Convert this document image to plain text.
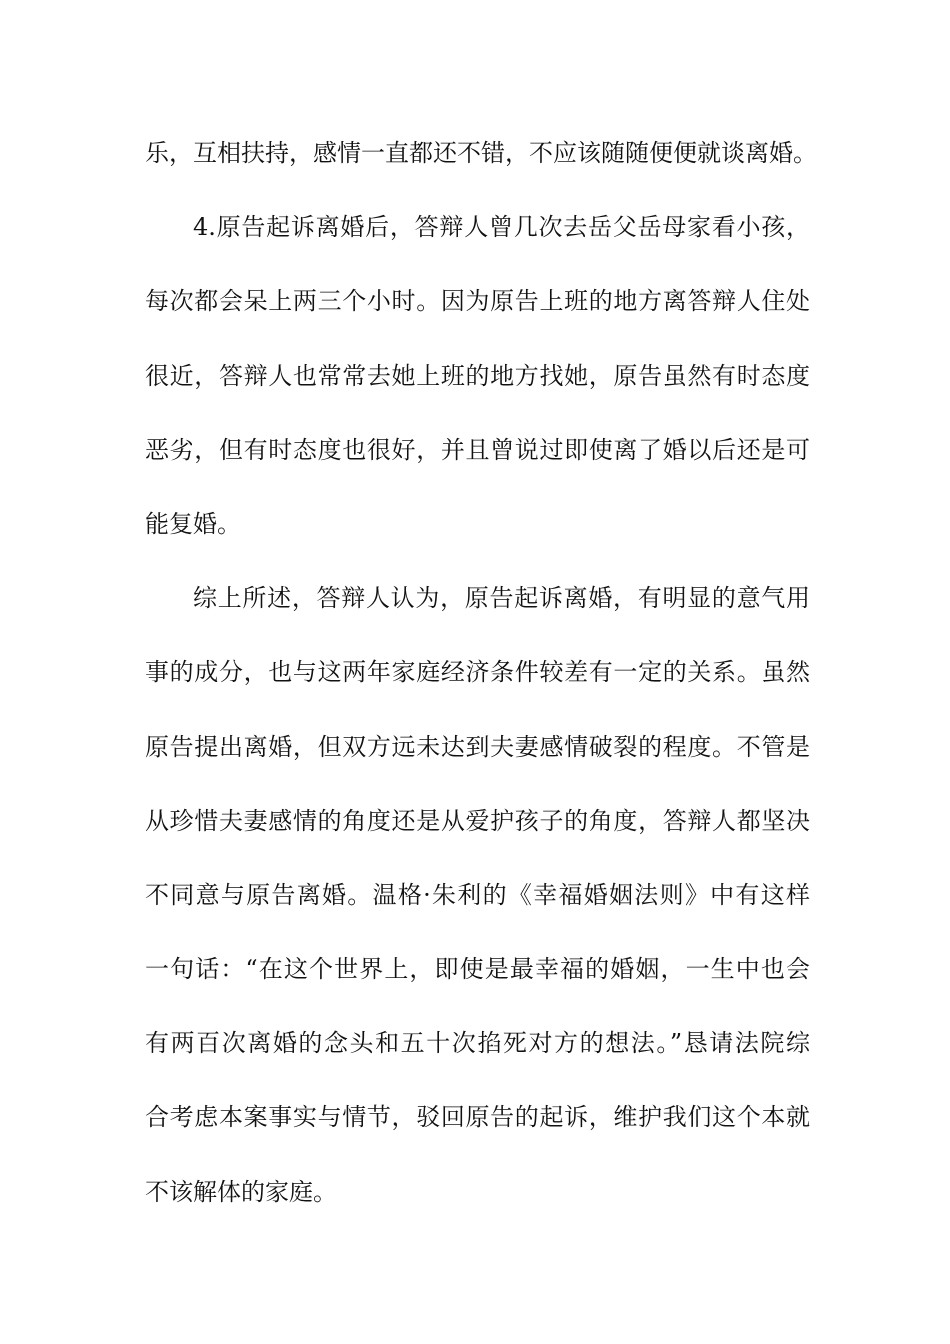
乐，互相扶持，感情一直都还不错，不应该随随便便就谈离婚。
4.原告起诉离婚后，答辩人曾几次去岳父岳母家看小孩，
每次都会呆上两三个小时。因为原告上班的地方离答辩人住处
很近，答辩人也常常去她上班的地方找她，原告虽然有时态度
恶劣，但有时态度也很好，并且曾说过即使离了婚以后还是可
能复婚。
综上所述，答辩人认为，原告起诉离婚，有明显的意气用
事的成分，也与这两年家庭经济条件较差有一定的关系。虽然
原告提出离婚，但双方远未达到夫妻感情破裂的程度。不管是
从珍惜夫妻感情的角度还是从爱护孩子的角度，答辩人都坚决
不同意与原告离婚。温格·朱利的《幸福婚姻法则》中有这样
一句话：“在这个世界上，即使是最幸福的婚姻，一生中也会
有两百次离婚的念头和五十次掐死对方的想法。”恳请法院综
合考虑本案事实与情节，驳回原告的起诉，维护我们这个本就
不该解体的家庭。
